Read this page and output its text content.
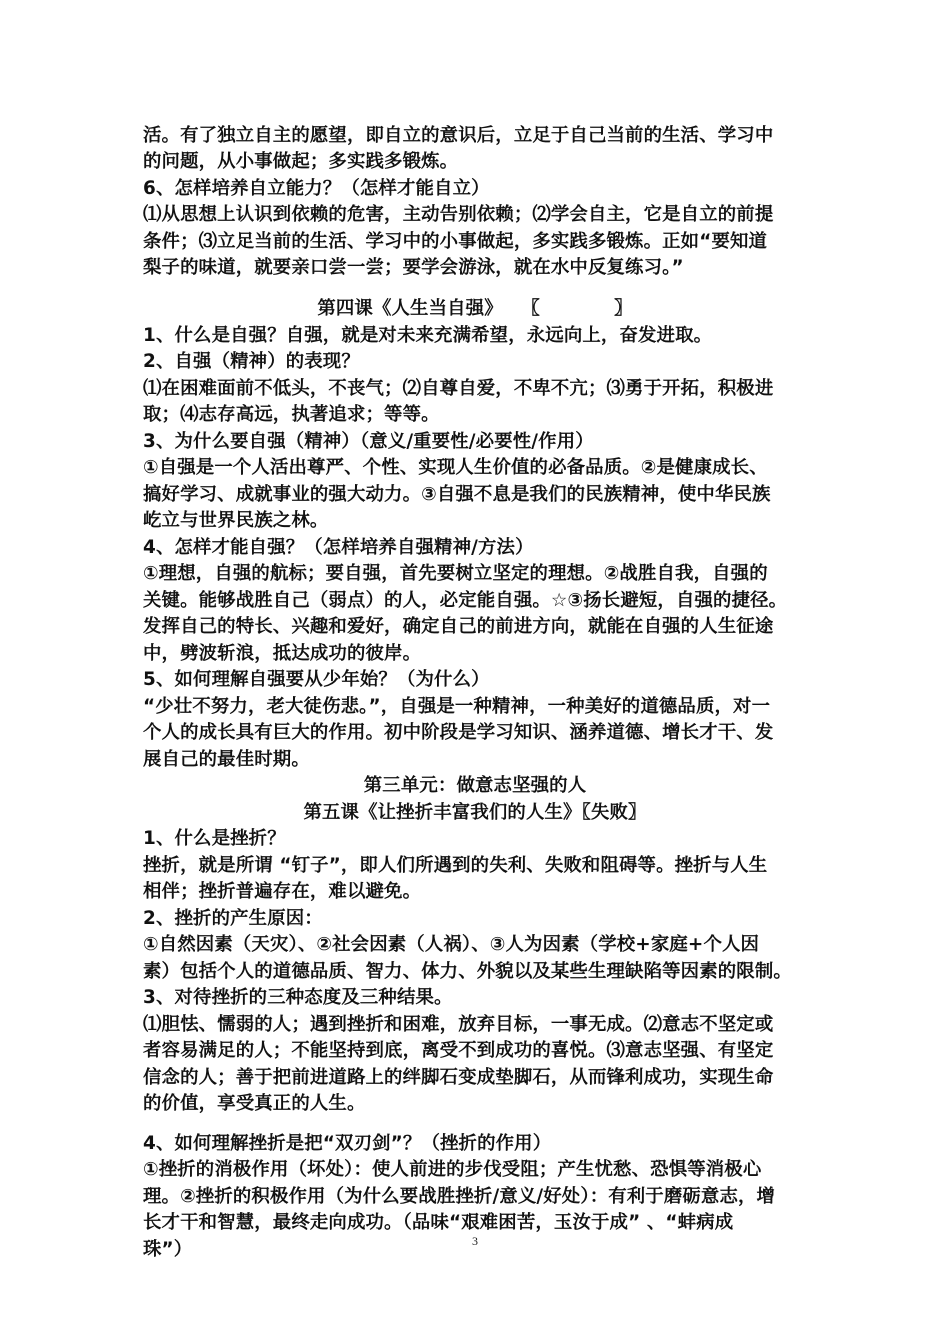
活。有了独立自主的愿望，即自立的意识后，立足于自己当前的生活、学习中
的问题，从小事做起；多实践多锻炼。
6、怎样培养自立能力？（怎样才能自立）
⑴从思想上认识到依赖的危害，主动告别依赖；⑵学会自主，它是自立的前提
条件；⑶立足当前的生活、学习中的小事做起，多实践多锻炼。正如“要知道
梨子的味道，就要亲口尝一尝；要学会游泳，就在水中反复练习。”
第四课《人生当自强》　　〖　　　　〗
1、什么是自强？自强，就是对未来充满希望，永远向上，奋发进取。
2、自强（精神）的表现？
⑴在困难面前不低头，不丧气；⑵自尊自爱，不卑不亢；⑶勇于开拓，积极进
取；⑷志存高远，执著追求；等等。
3、为什么要自强（精神）（意义/重要性/必要性/作用）
①自强是一个人活出尊严、个性、实现人生价值的必备品质。②是健康成长、
搞好学习、成就事业的强大动力。③自强不息是我们的民族精神，使中华民族
屹立与世界民族之林。
4、怎样才能自强？（怎样培养自强精神/方法）
①理想，自强的航标；要自强，首先要树立坚定的理想。②战胜自我，自强的
关键。能够战胜自己（弱点）的人，必定能自强。☆③扬长避短，自强的捷径。
发挥自己的特长、兴趣和爱好，确定自己的前进方向，就能在自强的人生征途
中，劈波斩浪，抵达成功的彼岸。
5、如何理解自强要从少年始？（为什么）
“少壮不努力，老大徒伤悲。”，自强是一种精神，一种美好的道德品质，对一
个人的成长具有巨大的作用。初中阶段是学习知识、涵养道德、增长才干、发
展自己的最佳时期。
第三单元：做意志坚强的人
第五课《让挫折丰富我们的人生》〖失败〗
1、什么是挫折？
挫折，就是所谓 “钉子”，即人们所遇到的失利、失败和阻碍等。挫折与人生
相伴；挫折普遍存在，难以避免。
2、挫折的产生原因：
①自然因素（天灾）、②社会因素（人祸）、③人为因素（学校+家庭+个人因
素）包括个人的道德品质、智力、体力、外貌以及某些生理缺陷等因素的限制。
3、对待挫折的三种态度及三种结果。
⑴胆怯、懦弱的人；遇到挫折和困难，放弃目标，一事无成。⑵意志不坚定或
者容易满足的人；不能坚持到底，离受不到成功的喜悦。⑶意志坚强、有坚定
信念的人；善于把前进道路上的绊脚石变成垫脚石，从而锋利成功，实现生命
的价值，享受真正的人生。
4、如何理解挫折是把“双刃剑”？（挫折的作用）
①挫折的消极作用（坏处）：使人前进的步伐受阻；产生忧愁、恐惧等消极心
理。②挫折的积极作用（为什么要战胜挫折/意义/好处）：有利于磨砺意志，增
长才干和智慧，最终走向成功。（品味“艰难困苦，玉汝于成” 、“蚌病成
珠”）	3
